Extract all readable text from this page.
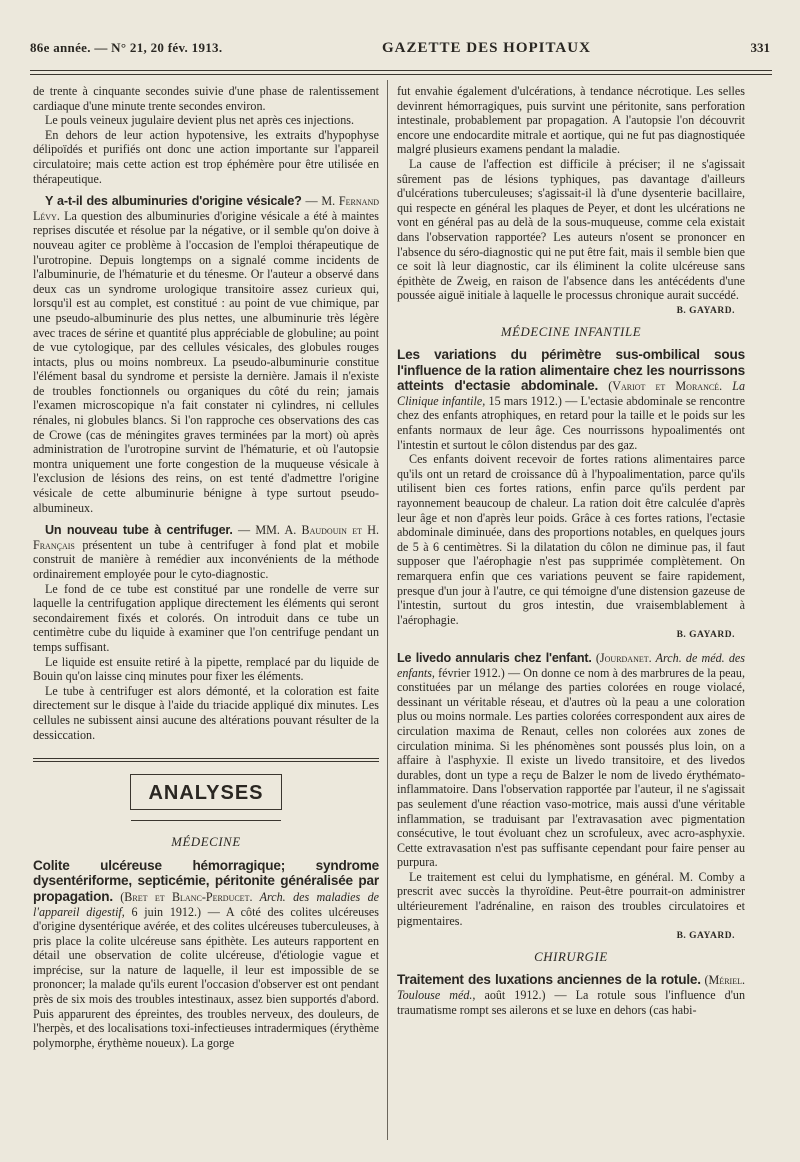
86e année. — N° 21, 20 fév. 1913.	GAZETTE DES HOPITAUX	331

de trente à cinquante secondes suivie d'une phase de ralentissement cardiaque d'une minute trente secondes environ.

Le pouls veineux jugulaire devient plus net après ces injections.

En dehors de leur action hypotensive, les extraits d'hypophyse délipoïdés et purifiés ont donc une action importante sur l'appareil circulatoire; mais cette action est trop éphémère pour être utilisée en thérapeutique.

Y a-t-il des albuminuries d'origine vésicale? — M. Fernand Lévy. La question des albuminuries d'origine vésicale a été à maintes reprises discutée et résolue par la négative, or il semble qu'on doive à nouveau agiter ce problème à l'occasion de l'emploi thérapeutique de l'urotropine. Depuis longtemps on a signalé comme incidents de l'albuminurie, de l'hématurie et du ténesme. Or l'auteur a observé dans deux cas un syndrome urologique transitoire assez curieux qui, lorsqu'il est au complet, est constitué : au point de vue chimique, par une pseudo-albuminurie des plus nettes, une albuminurie très légère avec traces de sérine et quantité plus appréciable de globuline; au point de vue cytologique, par des cellules vésicales, des globules rouges intacts, plus ou moins nombreux. La pseudo-albuminurie constitue l'élément basal du syndrome et persiste la dernière. Jamais il n'existe de troubles fonctionnels ou organiques du côté du rein; jamais l'examen microscopique n'a fait constater ni cylindres, ni cellules rénales, ni globules blancs. Si l'on rapproche ces observations des cas de Crowe (cas de méningites graves terminées par la mort) où après administration de l'urotropine survint de l'hématurie, et où l'autopsie montra uniquement une forte congestion de la muqueuse vésicale à l'exclusion de lésions des reins, on est tenté d'admettre l'origine vésicale de cette albuminurie bénigne à type surtout pseudo-albumineux.

Un nouveau tube à centrifuger. — MM. A. Baudouin et H. Français présentent un tube à centrifuger à fond plat et mobile construit de manière à remédier aux inconvénients de la méthode ordinairement employée pour le cyto-diagnostic.

Le fond de ce tube est constitué par une rondelle de verre sur laquelle la centrifugation applique directement les éléments qui seront secondairement fixés et colorés. On introduit dans ce tube un centimètre cube du liquide à examiner que l'on centrifuge pendant un temps suffisant.

Le liquide est ensuite retiré à la pipette, remplacé par du liquide de Bouin qu'on laisse cinq minutes pour fixer les éléments.

Le tube à centrifuger est alors démonté, et la coloration est faite directement sur le disque à l'aide du triacide appliqué dix minutes. Les cellules ne subissent ainsi aucune des altérations pouvant résulter de la dessiccation.

ANALYSES
MÉDECINE

Colite ulcéreuse hémorragique; syndrome dysentériforme, septicémie, péritonite généralisée par propagation. (Bret et Blanc-Perducet. Arch. des maladies de l'appareil digestif, 6 juin 1912.) — A côté des colites ulcéreuses d'origine dysentérique avérée, et des colites ulcéreuses tuberculeuses, à pris place la colite ulcéreuse sans épithète. Les auteurs rapportent en détail une observation de colite ulcéreuse, d'étiologie vague et imprécise, sur la nature de laquelle, il leur est impossible de se prononcer; la malade qu'ils eurent l'occasion d'observer est ont pendant près de six mois des troubles intestinaux, assez bien supportés d'abord. Puis apparurent des épreintes, des troubles nerveux, des douleurs, de l'herpès, et des localisations toxi-infectieuses intradermiques (érythème polymorphe, érythème noueux). La gorge

fut envahie également d'ulcérations, à tendance nécrotique. Les selles devinrent hémorragiques, puis survint une péritonite, sans perforation intestinale, probablement par propagation. A l'autopsie l'on découvrit encore une endocardite mitrale et aortique, qui ne fut pas diagnostiquée malgré plusieurs examens pendant la maladie.

La cause de l'affection est difficile à préciser; il ne s'agissait sûrement pas de lésions typhiques, pas davantage d'ailleurs d'ulcérations tuberculeuses; s'agissait-il là d'une dysenterie bacillaire, qui respecte en général les plaques de Peyer, et dont les ulcérations ne vont en général pas au delà de la sous-muqueuse, comme cela existait dans l'observation rapportée? Les auteurs n'osent se prononcer en l'absence du séro-diagnostic qui ne put être fait, mais il semble bien que ce soit là leur diagnostic, car ils éliminent la colite ulcéreuse sans épithète de Zweig, en raison de l'absence dans les antécédents d'une poussée aiguë initiale à laquelle le processus chronique aurait succédé.

B. GAYARD.
MÉDECINE INFANTILE

Les variations du périmètre sus-ombilical sous l'influence de la ration alimentaire chez les nourrissons atteints d'ectasie abdominale. (Variot et Morancé. La Clinique infantile, 15 mars 1912.) — L'ectasie abdominale se rencontre chez des enfants atrophiques, en retard pour la taille et le poids sur les enfants normaux de leur âge. Ces nourrissons hypoalimentés ont l'intestin et surtout le côlon distendus par des gaz.

Ces enfants doivent recevoir de fortes rations alimentaires parce qu'ils ont un retard de croissance dû à l'hypoalimentation, parce qu'ils utilisent bien ces fortes rations, enfin parce qu'ils perdent par rayonnement beaucoup de chaleur. La ration doit être calculée d'après leur âge et non d'après leur poids. Grâce à ces fortes rations, l'ectasie abdominale diminuée, dans des proportions notables, en quelques jours de 5 à 6 centimètres. Si la dilatation du côlon ne diminue pas, il faut supposer que l'aérophagie n'est pas supprimée complètement. On remarquera enfin que ces variations peuvent se faire rapidement, presque d'un jour à l'autre, ce qui témoigne d'une distension gazeuse de l'intestin, surtout du gros intestin, due vraisemblablement à l'aérophagie.

B. GAYARD.

Le livedo annularis chez l'enfant. (Jourdanet. Arch. de méd. des enfants, février 1912.) — On donne ce nom à des marbrures de la peau, constituées par un mélange des parties colorées en rouge violacé, dessinant un véritable réseau, et d'autres où la peau a une coloration plus ou moins normale. Les parties colorées correspondent aux aires de circulation maxima de Renaut, celles non colorées aux zones de circulation minima. Si les phénomènes sont poussés plus loin, on a affaire à l'asphyxie. Il existe un livedo transitoire, et des livedos durables, dont un type a reçu de Balzer le nom de livedo érythémato-inflammatoire. Dans l'observation rapportée par l'auteur, il ne s'agissait pas seulement d'une réaction vaso-motrice, mais aussi d'une véritable inflammation, se traduisant par l'extravasation avec pigmentation consécutive, le tout évoluant chez un scrofuleux, avec acro-asphyxie. Cette extravasation n'est pas suffisante cependant pour faire penser au purpura.

Le traitement est celui du lymphatisme, en général. M. Comby a prescrit avec succès la thyroïdine. Peut-être pourrait-on administrer ultérieurement l'adrénaline, en raison des troubles circulatoires et pigmentaires.

B. GAYARD.
CHIRURGIE

Traitement des luxations anciennes de la rotule. (Mériel. Toulouse méd., août 1912.) — La rotule sous l'influence d'un traumatisme rompt ses ailerons et se luxe en dehors (cas habi-
